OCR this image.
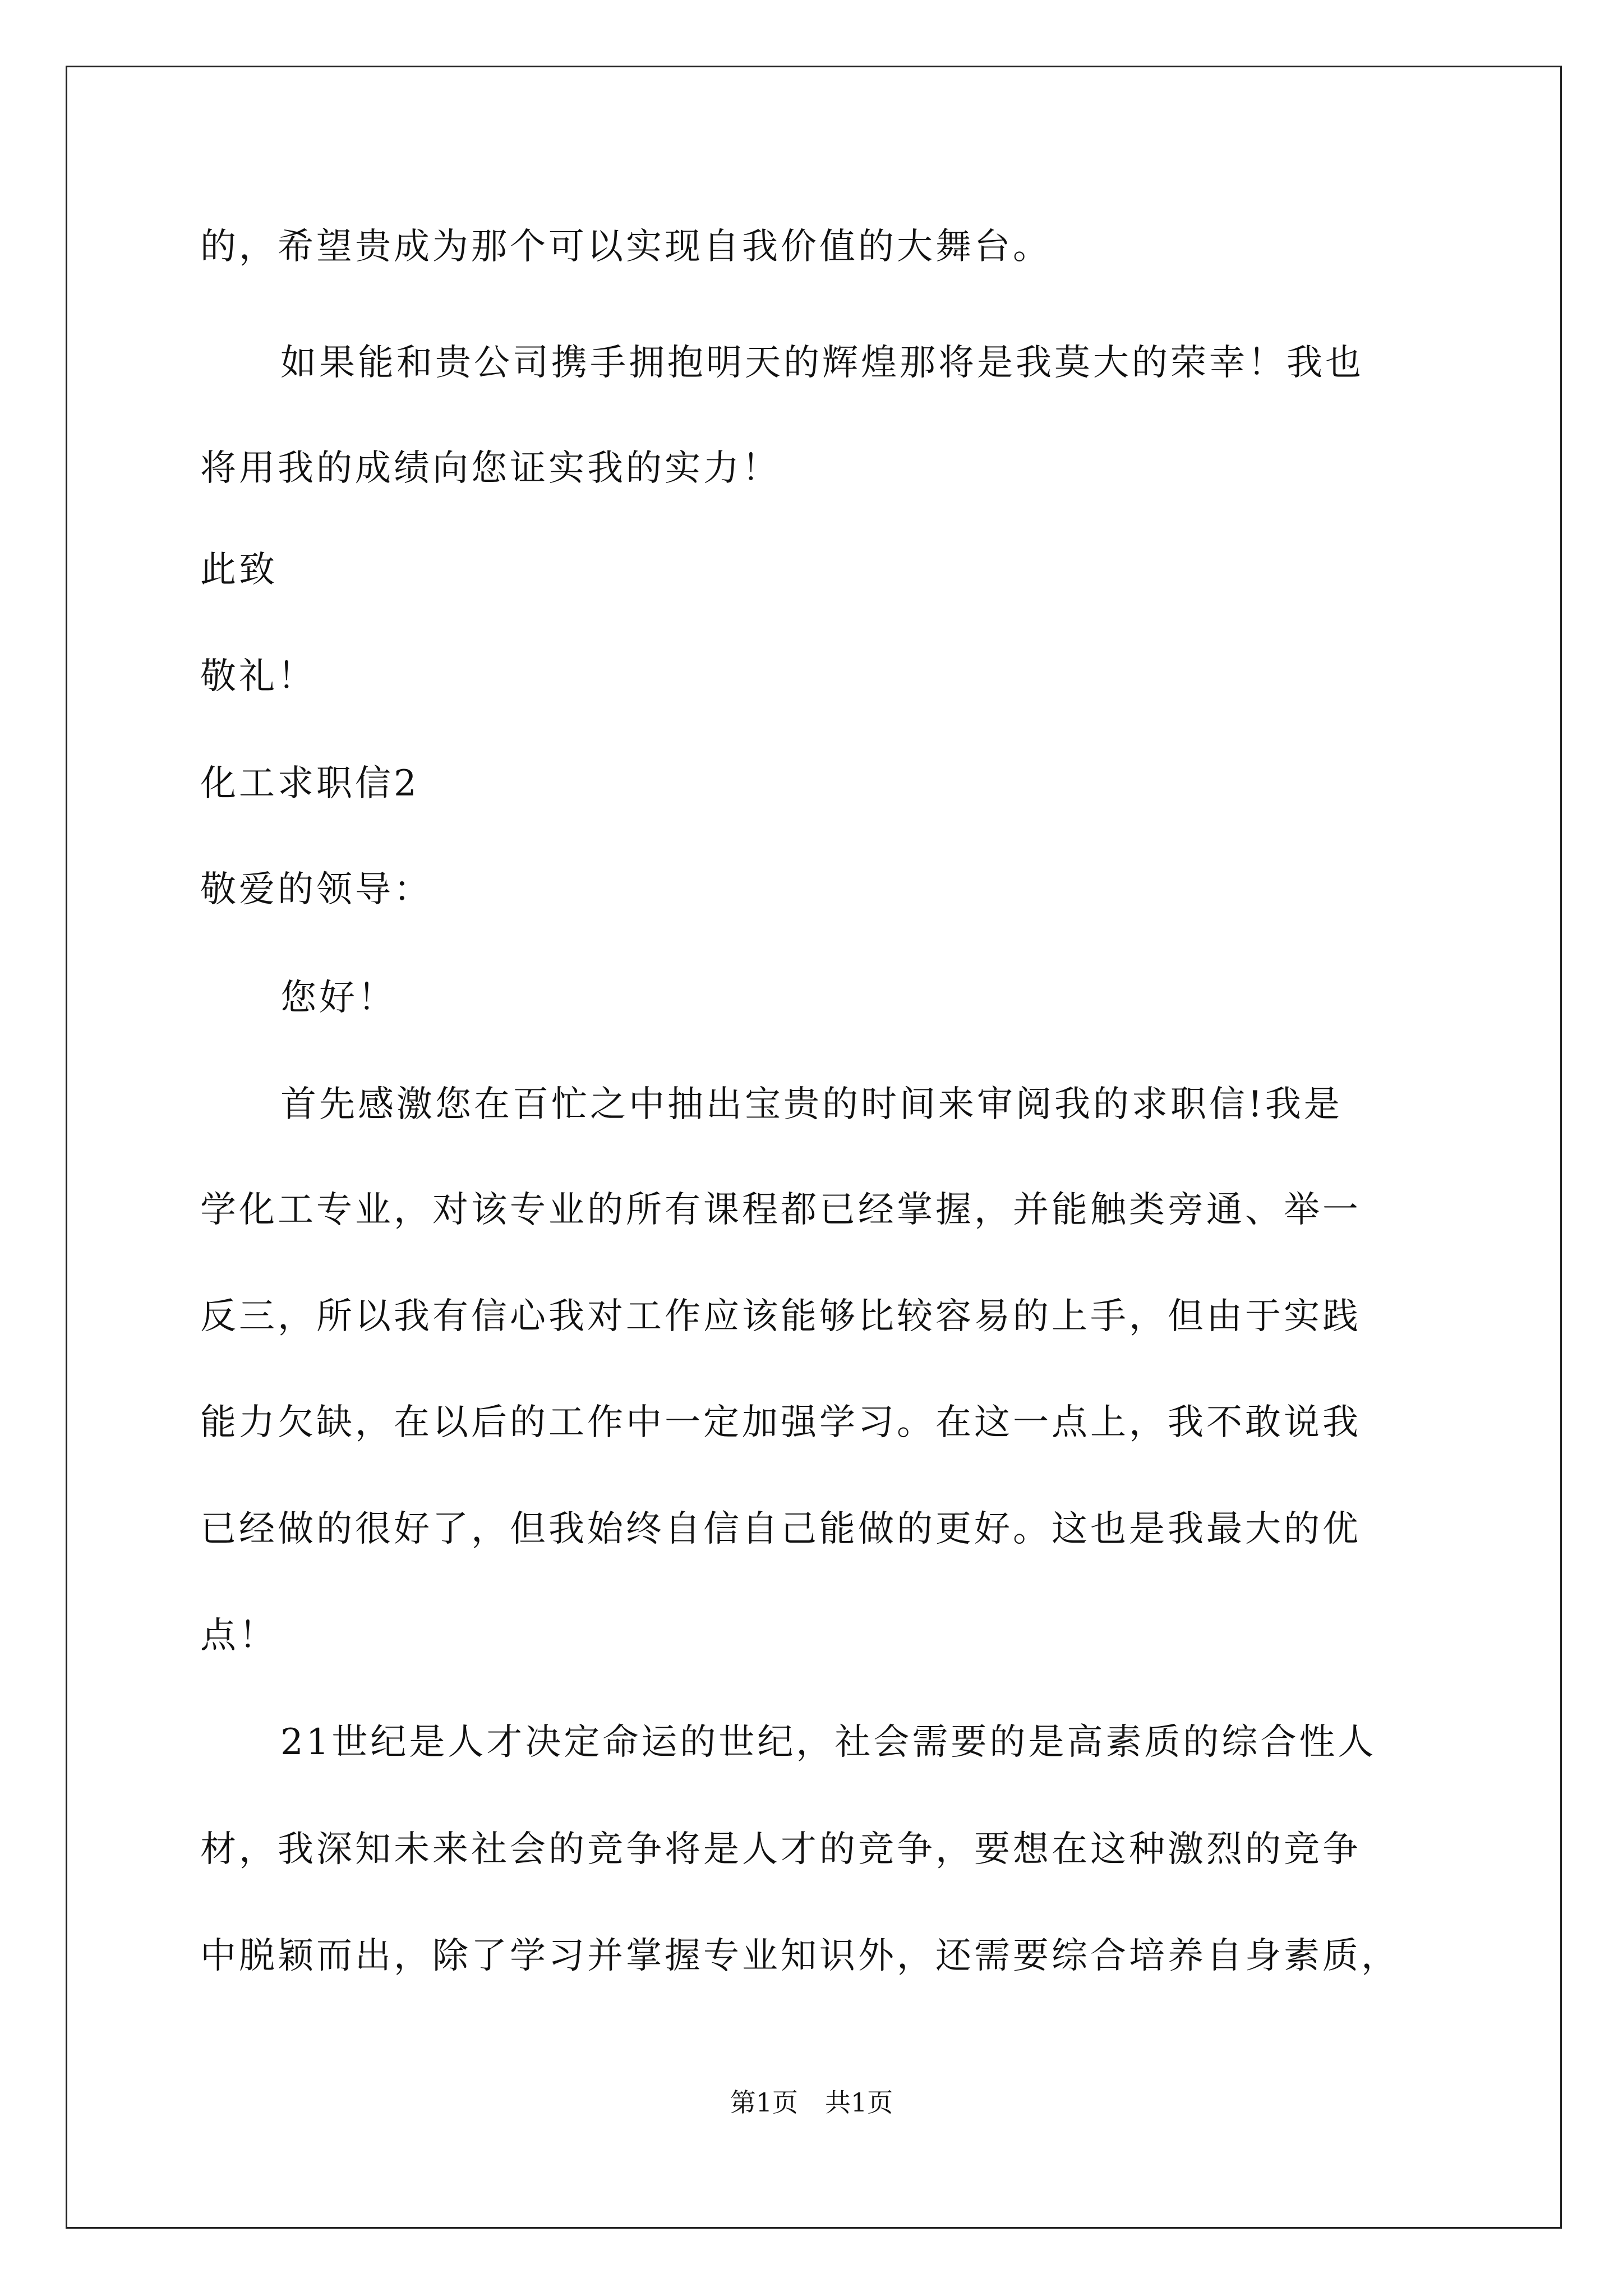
的，希望贵成为那个可以实现自我价值的大舞台。
如果能和贵公司携手拥抱明天的辉煌那将是我莫大的荣幸！我也
将用我的成绩向您证实我的实力！
此致
敬礼！
化工求职信2
敬爱的领导：
您好！
首先感激您在百忙之中抽出宝贵的时间来审阅我的求职信!我是
学化工专业，对该专业的所有课程都已经掌握，并能触类旁通、举一
反三，所以我有信心我对工作应该能够比较容易的上手，但由于实践
能力欠缺，在以后的工作中一定加强学习。在这一点上，我不敢说我
已经做的很好了，但我始终自信自己能做的更好。这也是我最大的优
点！
21世纪是人才决定命运的世纪，社会需要的是高素质的综合性人
材，我深知未来社会的竞争将是人才的竞争，要想在这种激烈的竞争
中脱颖而出，除了学习并掌握专业知识外，还需要综合培养自身素质，
第1页 共1页
